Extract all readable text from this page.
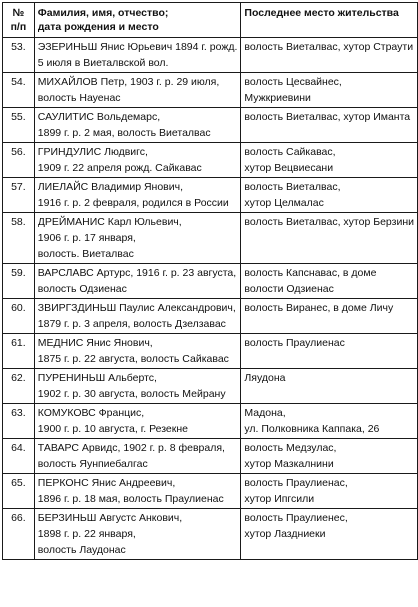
№
п/п	Фамилия, имя, отчество;
дата рождения и место	Последнее место жительства

53.	ЭЗЕРИНЬШ Янис Юрьевич 1894 г. рожд.
5 июля в Виеталвской вол.	волость Виеталвас, хутор Страути

54.	МИХАЙЛОВ Петр, 1903 г. р. 29 июля,
волость Науенас	волость Цесвайнес,
Мужкриевини

55.	САУЛИТИС Вольдемарс,
1899 г. р. 2 мая, волость Виеталвас	волость Виеталвас, хутор Иманта

56.	ГРИНДУЛИС Людвигс,
1909 г. 22 апреля рожд. Сайкавас	волость Сайкавас,
хутор Вецвиесани

57.	ЛИЕЛАЙС Владимир Янович,
1916 г. р. 2 февраля, родился в России	волость Виеталвас,
хутор Целмалас

58.	ДРЕЙМАНИС Карл Юльевич,
1906 г. р. 17 января,
волость. Виеталвас	волость Виеталвас, хутор Берзини

59.	ВАРСЛАВС Артурс, 1916 г. р. 23 августа,
волость Одзиенас	волость Капснавас, в доме
волости Одзиенас

60.	ЗВИРГЗДИНЬШ Паулис Александрович,
1879 г. р. 3 апреля, волость Дзелзавас	волость Виранес, в доме Личу

61.	МЕДНИС Янис Янович,
1875 г. р. 22 августа, волость Сайкавас	волость Праулиенас

62.	ПУРЕНИНЬШ Альбертс,
1902 г. р. 30 августа, волость Мейрану	Ляудона

63.	КОМУКОВС Францис,
1900 г. р. 10 августа, г. Резекне	Мадона,
ул. Полковника Каппака, 26

64.	ТАВАРС Арвидс, 1902 г. р. 8 февраля,
волость Яунпиебалгас	волость Медзулас,
хутор Мазкалнини

65.	ПЕРКОНС Янис Андреевич,
1896 г. р. 18 мая, волость Праулиенас	волость Праулиенас,
хутор Ипгсили

66.	БЕРЗИНЬШ Августс Анкович,
1898 г. р. 22 января,
волость Лаудонас	волость Праулиенес,
хутор Лаздниеки
